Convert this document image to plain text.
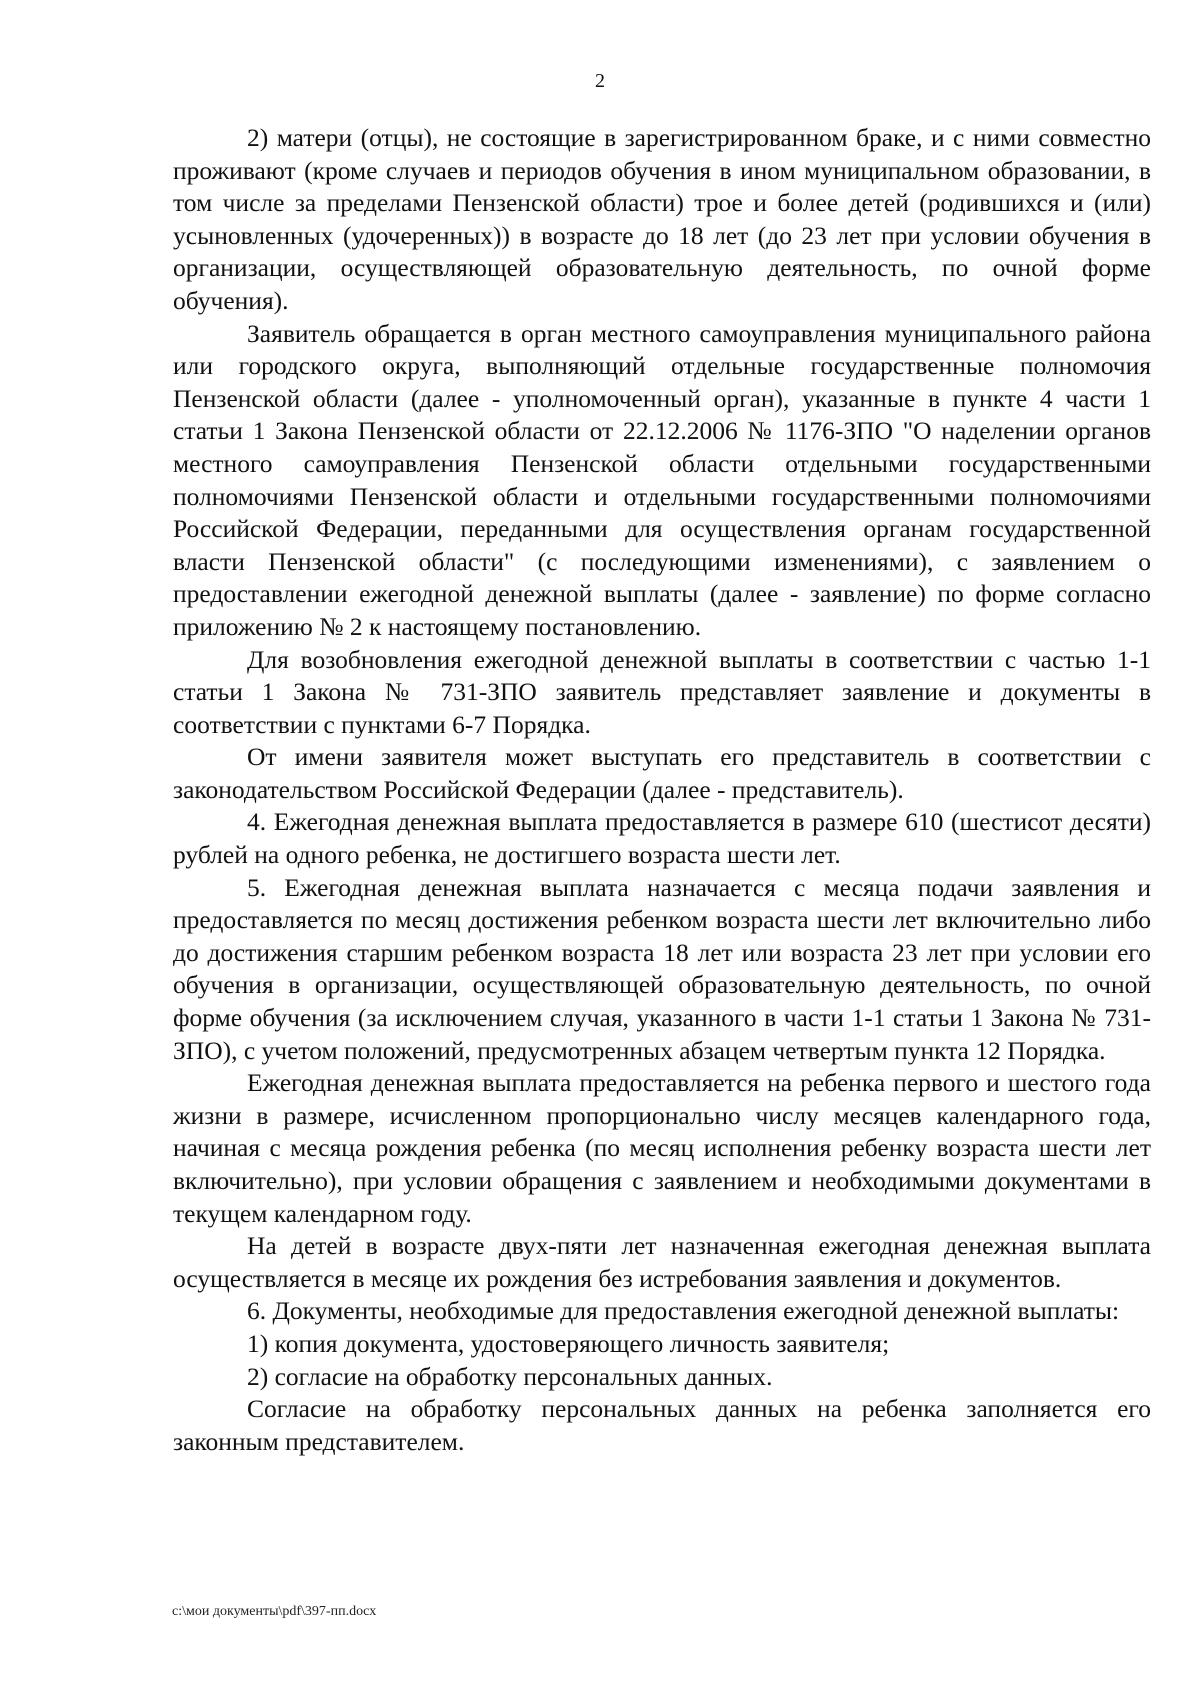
2

2) матери (отцы), не состоящие в зарегистрированном браке, и с ними совместно проживают (кроме случаев и периодов обучения в ином муниципальном образовании, в том числе за пределами Пензенской области) трое и более детей (родившихся и (или) усыновленных (удочеренных)) в возрасте до 18 лет (до 23 лет при условии обучения в организации, осуществляющей образовательную деятельность, по очной форме обучения).

Заявитель обращается в орган местного самоуправления муниципального района или городского округа, выполняющий отдельные государственные полномочия Пензенской области (далее - уполномоченный орган), указанные в пункте 4 части 1 статьи 1 Закона Пензенской области от 22.12.2006 № 1176-ЗПО "О наделении органов местного самоуправления Пензенской области отдельными государственными полномочиями Пензенской области и отдельными государственными полномочиями Российской Федерации, переданными для осуществления органам государственной власти Пензенской области" (с последующими изменениями), с заявлением о предоставлении ежегодной денежной выплаты (далее - заявление) по форме согласно приложению № 2 к настоящему постановлению.

Для возобновления ежегодной денежной выплаты в соответствии с частью 1-1 статьи 1 Закона № 731-ЗПО заявитель представляет заявление и документы в соответствии с пунктами 6-7 Порядка.

От имени заявителя может выступать его представитель в соответствии с законодательством Российской Федерации (далее - представитель).

4. Ежегодная денежная выплата предоставляется в размере 610 (шестисот десяти) рублей на одного ребенка, не достигшего возраста шести лет.

5. Ежегодная денежная выплата назначается с месяца подачи заявления и предоставляется по месяц достижения ребенком возраста шести лет включительно либо до достижения старшим ребенком возраста 18 лет или возраста 23 лет при условии его обучения в организации, осуществляющей образовательную деятельность, по очной форме обучения (за исключением случая, указанного в части 1-1 статьи 1 Закона № 731-ЗПО), с учетом положений, предусмотренных абзацем четвертым пункта 12 Порядка.

Ежегодная денежная выплата предоставляется на ребенка первого и шестого года жизни в размере, исчисленном пропорционально числу месяцев календарного года, начиная с месяца рождения ребенка (по месяц исполнения ребенку возраста шести лет включительно), при условии обращения с заявлением и необходимыми документами в текущем календарном году.

На детей в возрасте двух-пяти лет назначенная ежегодная денежная выплата осуществляется в месяце их рождения без истребования заявления и документов.

6. Документы, необходимые для предоставления ежегодной денежной выплаты:

1) копия документа, удостоверяющего личность заявителя;

2) согласие на обработку персональных данных.

Согласие на обработку персональных данных на ребенка заполняется его законным представителем.

c:\мои документы\pdf\397-пп.docx
